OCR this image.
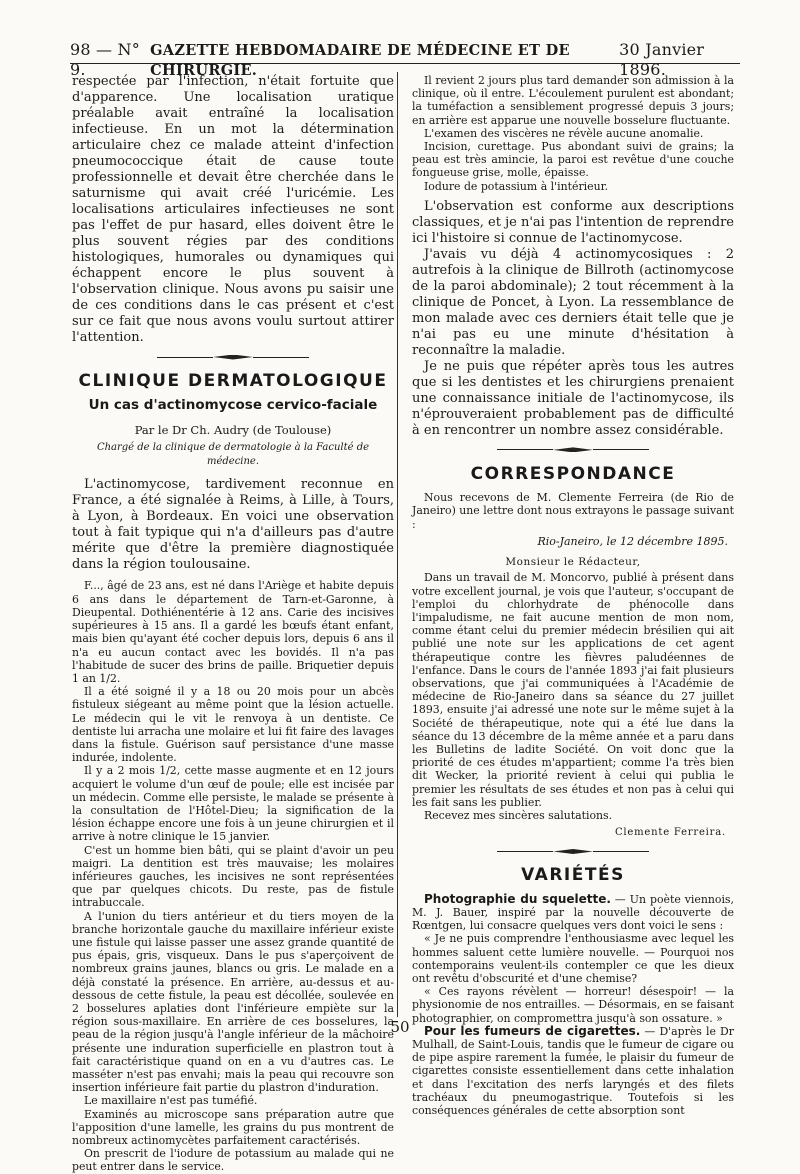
98 — N° 9.
GAZETTE HEBDOMADAIRE DE MÉDECINE ET DE CHIRURGIE.
30 Janvier 1896.

respectée par l'infection, n'était fortuite que d'apparence. Une localisation uratique préalable avait entraîné la localisation infectieuse. En un mot la détermination articulaire chez ce malade atteint d'infection pneumococcique était de cause toute professionnelle et devait être cherchée dans le saturnisme qui avait créé l'uricémie. Les localisations articulaires infectieuses ne sont pas l'effet de pur hasard, elles doivent être le plus souvent régies par des conditions histologiques, humorales ou dynamiques qui échappent encore le plus souvent à l'observation clinique. Nous avons pu saisir une de ces conditions dans le cas présent et c'est sur ce fait que nous avons voulu surtout attirer l'attention.

CLINIQUE DERMATOLOGIQUE
Un cas d'actinomycose cervico-faciale
Par le Dr Ch. Audry (de Toulouse)
Chargé de la clinique de dermatologie à la Faculté de médecine.

L'actinomycose, tardivement reconnue en France, a été signalée à Reims, à Lille, à Tours, à Lyon, à Bordeaux. En voici une observation tout à fait typique qui n'a d'ailleurs pas d'autre mérite que d'être la première diagnostiquée dans la région toulousaine.

F..., âgé de 23 ans, est né dans l'Ariège et habite depuis 6 ans dans le département de Tarn-et-Garonne, à Dieupental. Dothiénentérie à 12 ans. Carie des incisives supérieures à 15 ans. Il a gardé les bœufs étant enfant, mais bien qu'ayant été cocher depuis lors, depuis 6 ans il n'a eu aucun contact avec les bovidés. Il n'a pas l'habitude de sucer des brins de paille. Briquetier depuis 1 an 1/2.

Il a été soigné il y a 18 ou 20 mois pour un abcès fistuleux siégeant au même point que la lésion actuelle. Le médecin qui le vit le renvoya à un dentiste. Ce dentiste lui arracha une molaire et lui fit faire des lavages dans la fistule. Guérison sauf persistance d'une masse indurée, indolente.

Il y a 2 mois 1/2, cette masse augmente et en 12 jours acquiert le volume d'un œuf de poule; elle est incisée par un médecin. Comme elle persiste, le malade se présente à la consultation de l'Hôtel-Dieu; la signification de la lésion échappe encore une fois à un jeune chirurgien et il arrive à notre clinique le 15 janvier.

C'est un homme bien bâti, qui se plaint d'avoir un peu maigri. La dentition est très mauvaise; les molaires inférieures gauches, les incisives ne sont représentées que par quelques chicots. Du reste, pas de fistule intrabuccale.

A l'union du tiers antérieur et du tiers moyen de la branche horizontale gauche du maxillaire inférieur existe une fistule qui laisse passer une assez grande quantité de pus épais, gris, visqueux. Dans le pus s'aperçoivent de nombreux grains jaunes, blancs ou gris. Le malade en a déjà constaté la présence. En arrière, au-dessus et au-dessous de cette fistule, la peau est décollée, soulevée en 2 bosselures aplaties dont l'inférieure empiète sur la région sous-maxillaire. En arrière de ces bosselures, la peau de la région jusqu'à l'angle inférieur de la mâchoire présente une induration superficielle en plastron tout à fait caractéristique quand on en a vu d'autres cas. Le masséter n'est pas envahi; mais la peau qui recouvre son insertion inférieure fait partie du plastron d'induration.

Le maxillaire n'est pas tuméfié.

Examinés au microscope sans préparation autre que l'apposition d'une lamelle, les grains du pus montrent de nombreux actinomycètes parfaitement caractérisés.

On prescrit de l'iodure de potassium au malade qui ne peut entrer dans le service.

Il revient 2 jours plus tard demander son admission à la clinique, où il entre. L'écoulement purulent est abondant; la tuméfaction a sensiblement progressé depuis 3 jours; en arrière est apparue une nouvelle bosselure fluctuante.

L'examen des viscères ne révèle aucune anomalie.

Incision, curettage. Pus abondant suivi de grains; la peau est très amincie, la paroi est revêtue d'une couche fongueuse grise, molle, épaisse.

Iodure de potassium à l'intérieur.

L'observation est conforme aux descriptions classiques, et je n'ai pas l'intention de reprendre ici l'histoire si connue de l'actinomycose.

J'avais vu déjà 4 actinomycosiques : 2 autrefois à la clinique de Billroth (actinomycose de la paroi abdominale); 2 tout récemment à la clinique de Poncet, à Lyon. La ressemblance de mon malade avec ces derniers était telle que je n'ai pas eu une minute d'hésitation à reconnaître la maladie.

Je ne puis que répéter après tous les autres que si les dentistes et les chirurgiens prenaient une connaissance initiale de l'actinomycose, ils n'éprouveraient probablement pas de difficulté à en rencontrer un nombre assez considérable.

CORRESPONDANCE

Nous recevons de M. Clemente Ferreira (de Rio de Janeiro) une lettre dont nous extrayons le passage suivant :

Rio-Janeiro, le 12 décembre 1895.
Monsieur le Rédacteur,

Dans un travail de M. Moncorvo, publié à présent dans votre excellent journal, je vois que l'auteur, s'occupant de l'emploi du chlorhydrate de phénocolle dans l'impaludisme, ne fait aucune mention de mon nom, comme étant celui du premier médecin brésilien qui ait publié une note sur les applications de cet agent thérapeutique contre les fièvres paludéennes de l'enfance. Dans le cours de l'année 1893 j'ai fait plusieurs observations, que j'ai communiquées à l'Académie de médecine de Rio-Janeiro dans sa séance du 27 juillet 1893, ensuite j'ai adressé une note sur le même sujet à la Société de thérapeutique, note qui a été lue dans la séance du 13 décembre de la même année et a paru dans les Bulletins de ladite Société. On voit donc que la priorité de ces études m'appartient; comme l'a très bien dit Wecker, la priorité revient à celui qui publia le premier les résultats de ses études et non pas à celui qui les fait sans les publier.

Recevez mes sincères salutations.

Clemente Ferreira.
VARIÉTÉS

Photographie du squelette. — Un poète viennois, M. J. Bauer, inspiré par la nouvelle découverte de Rœntgen, lui consacre quelques vers dont voici le sens :

« Je ne puis comprendre l'enthousiasme avec lequel les hommes saluent cette lumière nouvelle. — Pourquoi nos contemporains veulent-ils contempler ce que les dieux ont revêtu d'obscurité et d'une chemise?

« Ces rayons révèlent — horreur! désespoir! — la physionomie de nos entrailles. — Désormais, en se faisant photographier, on compromettra jusqu'à son ossature. »

Pour les fumeurs de cigarettes. — D'après le Dr Mulhall, de Saint-Louis, tandis que le fumeur de cigare ou de pipe aspire rarement la fumée, le plaisir du fumeur de cigarettes consiste essentiellement dans cette inhalation et dans l'excitation des nerfs laryngés et des filets trachéaux du pneumogastrique. Toutefois si les conséquences générales de cette absorption sont

50
